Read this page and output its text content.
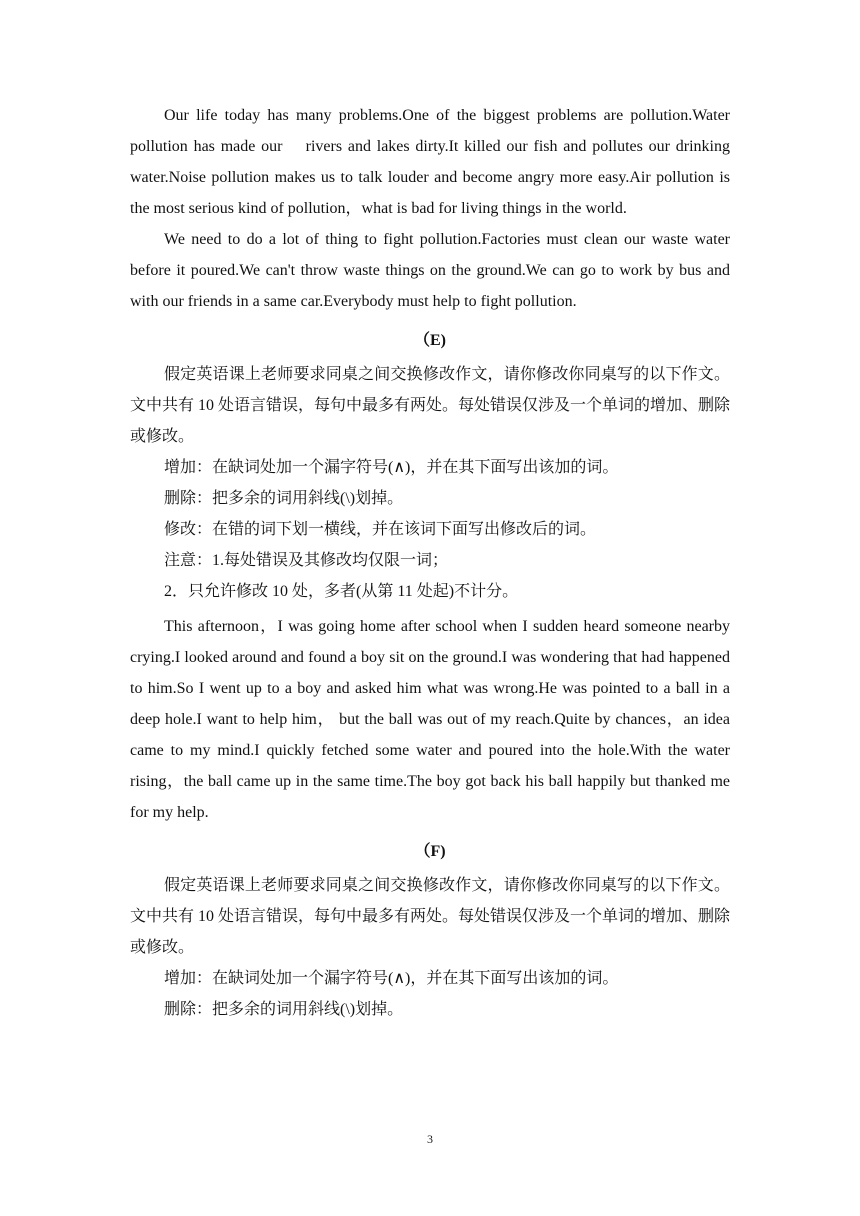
Our life today has many problems.One of the biggest problems are pollution.Water pollution has made our    rivers and lakes dirty.It killed our fish and pollutes our drinking water.Noise pollution makes us to talk louder and become angry more easy.Air pollution is the most serious kind of pollution，what is bad for living things in the world.

We need to do a lot of thing to fight pollution.Factories must clean our waste water before it poured.We can't throw waste things on the ground.We can go to work by bus and with our friends in a same car.Everybody must help to fight pollution.

（E)

假定英语课上老师要求同桌之间交换修改作文，请你修改你同桌写的以下作文。文中共有 10 处语言错误，每句中最多有两处。每处错误仅涉及一个单词的增加、删除或修改。

增加：在缺词处加一个漏字符号(∧)，并在其下面写出该加的词。

删除：把多余的词用斜线(\)划掉。

修改：在错的词下划一横线，并在该词下面写出修改后的词。

注意：1.每处错误及其修改均仅限一词；

2．只允许修改 10 处，多者(从第 11 处起)不计分。

This afternoon，I was going home after school when I sudden heard someone nearby crying.I looked around and found a boy sit on the ground.I was wondering that had happened to him.So I went up to a boy and asked him what was wrong.He was pointed to a ball in a deep hole.I want to help him， but the ball was out of my reach.Quite by chances，an idea came to my mind.I quickly fetched some water and poured into the hole.With the water rising，the ball came up in the same time.The boy got back his ball happily but thanked me for my help.

（F)

假定英语课上老师要求同桌之间交换修改作文，请你修改你同桌写的以下作文。文中共有 10 处语言错误，每句中最多有两处。每处错误仅涉及一个单词的增加、删除或修改。

增加：在缺词处加一个漏字符号(∧)，并在其下面写出该加的词。

删除：把多余的词用斜线(\)划掉。

3
